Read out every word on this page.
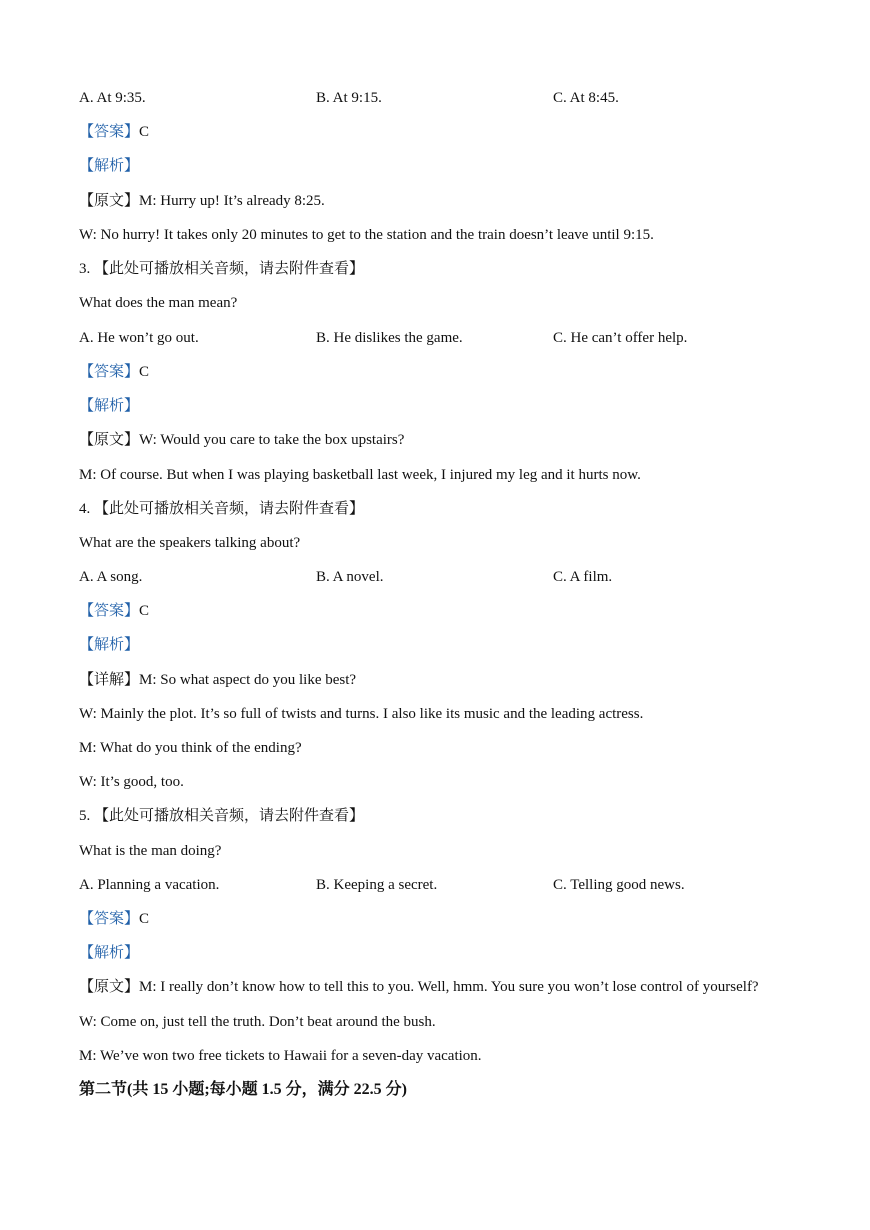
A. At 9:35.	B. At 9:15.	C. At 8:45.
【答案】C
【解析】
【原文】M: Hurry up! It’s already 8:25.
W: No hurry! It takes only 20 minutes to get to the station and the train doesn’t leave until 9:15.
3. 【此处可播放相关音频，请去附件查看】
What does the man mean?
A. He won’t go out.	B. He dislikes the game.	C. He can’t offer help.
【答案】C
【解析】
【原文】W: Would you care to take the box upstairs?
M: Of course. But when I was playing basketball last week, I injured my leg and it hurts now.
4. 【此处可播放相关音频，请去附件查看】
What are the speakers talking about?
A. A song.	B. A novel.	C. A film.
【答案】C
【解析】
【详解】M: So what aspect do you like best?
W: Mainly the plot. It’s so full of twists and turns. I also like its music and the leading actress.
M: What do you think of the ending?
W: It’s good, too.
5. 【此处可播放相关音频，请去附件查看】
What is the man doing?
A. Planning a vacation.	B. Keeping a secret.	C. Telling good news.
【答案】C
【解析】
【原文】M: I really don’t know how to tell this to you. Well, hmm. You sure you won’t lose control of yourself?
W: Come on, just tell the truth. Don’t beat around the bush.
M: We’ve won two free tickets to Hawaii for a seven-day vacation.
第二节(共 15 小题;每小题 1.5 分，满分 22.5 分)
